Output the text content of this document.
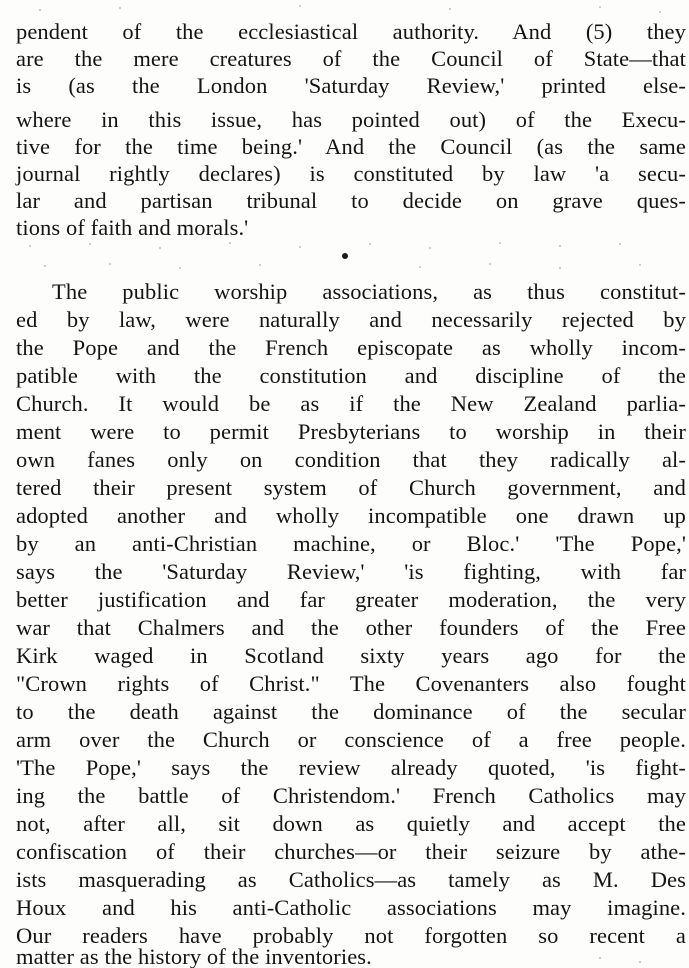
pendent of the ecclesiastical authority. And (5) they
are the mere creatures of the Council of State—that
is (as the London 'Saturday Review,' printed else-
where in this issue, has pointed out) of the Execu-
tive for the time being.' And the Council (as the same
journal rightly declares) is constituted by law 'a secu-
lar and partisan tribunal to decide on grave ques-
tions of faith and morals.'
The public worship associations, as thus constitut-
ed by law, were naturally and necessarily rejected by
the Pope and the French episcopate as wholly incom-
patible with the constitution and discipline of the
Church. It would be as if the New Zealand parlia-
ment were to permit Presbyterians to worship in their
own fanes only on condition that they radically al-
tered their present system of Church government, and
adopted another and wholly incompatible one drawn up
by an anti-Christian machine, or Bloc.' 'The Pope,'
says the 'Saturday Review,' 'is fighting, with far
better justification and far greater moderation, the very
war that Chalmers and the other founders of the Free
Kirk waged in Scotland sixty years ago for the
"Crown rights of Christ." The Covenanters also fought
to the death against the dominance of the secular
arm over the Church or conscience of a free people.
'The Pope,' says the review already quoted, 'is fight-
ing the battle of Christendom.' French Catholics may
not, after all, sit down as quietly and accept the
confiscation of their churches—or their seizure by athe-
ists masquerading as Catholics—as tamely as M. Des
Houx and his anti-Catholic associations may imagine.
Our readers have probably not forgotten so recent a
matter as the history of the inventories.
